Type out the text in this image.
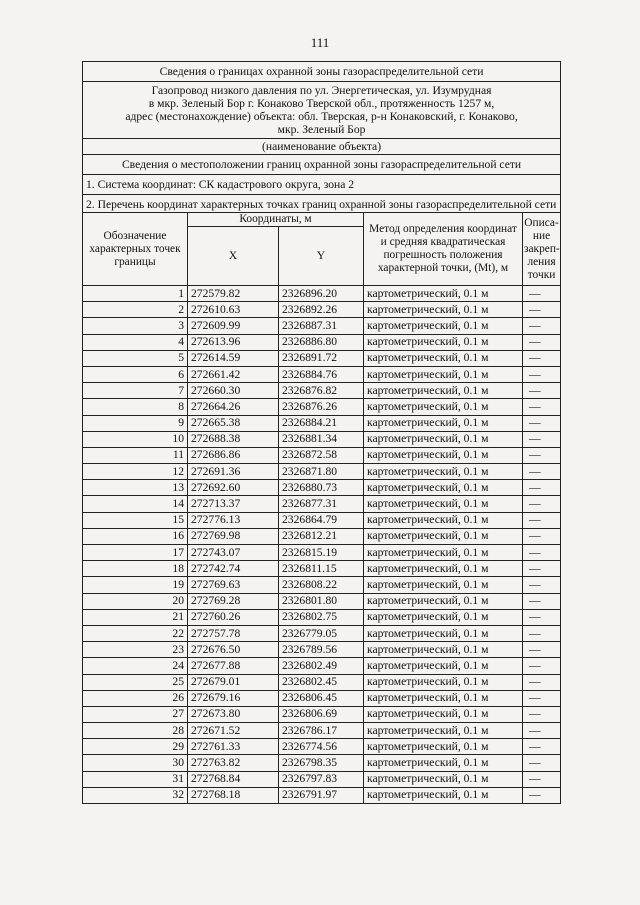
111
Сведения о границах охранной зоны газораспределительной сети				

Газопровод низкого давления по ул. Энергетическая, ул. Изумрудная
в мкр. Зеленый Бор г. Конаково Тверской обл., протяженность 1257 м,
адрес (местонахождение) объекта: обл. Тверская, р-н Конаковский, г. Конаково,
мкр. Зеленый Бор				

(наименование объекта)				
Сведения о местоположении границ охранной зоны газораспределительной сети				
1. Система координат: СК кадастрового округа, зона 2				
2. Перечень координат характерных точках границ охранной зоны газораспределительной сети				
Обозначение характерных точек границы	Координаты, м		Метод определения координат и средняя квадратическая погрешность положения характерной точки, (Mt), м	Описа- ние закреп- ления точки
	X	Y		
1	272579.82	2326896.20	картометрический, 0.1 м	—
2	272610.63	2326892.26	картометрический, 0.1 м	—
3	272609.99	2326887.31	картометрический, 0.1 м	—
4	272613.96	2326886.80	картометрический, 0.1 м	—
5	272614.59	2326891.72	картометрический, 0.1 м	—
6	272661.42	2326884.76	картометрический, 0.1 м	—
7	272660.30	2326876.82	картометрический, 0.1 м	—
8	272664.26	2326876.26	картометрический, 0.1 м	—
9	272665.38	2326884.21	картометрический, 0.1 м	—
10	272688.38	2326881.34	картометрический, 0.1 м	—
11	272686.86	2326872.58	картометрический, 0.1 м	—
12	272691.36	2326871.80	картометрический, 0.1 м	—
13	272692.60	2326880.73	картометрический, 0.1 м	—
14	272713.37	2326877.31	картометрический, 0.1 м	—
15	272776.13	2326864.79	картометрический, 0.1 м	—
16	272769.98	2326812.21	картометрический, 0.1 м	—
17	272743.07	2326815.19	картометрический, 0.1 м	—
18	272742.74	2326811.15	картометрический, 0.1 м	—
19	272769.63	2326808.22	картометрический, 0.1 м	—
20	272769.28	2326801.80	картометрический, 0.1 м	—
21	272760.26	2326802.75	картометрический, 0.1 м	—
22	272757.78	2326779.05	картометрический, 0.1 м	—
23	272676.50	2326789.56	картометрический, 0.1 м	—
24	272677.88	2326802.49	картометрический, 0.1 м	—
25	272679.01	2326802.45	картометрический, 0.1 м	—
26	272679.16	2326806.45	картометрический, 0.1 м	—
27	272673.80	2326806.69	картометрический, 0.1 м	—
28	272671.52	2326786.17	картометрический, 0.1 м	—
29	272761.33	2326774.56	картометрический, 0.1 м	—
30	272763.82	2326798.35	картометрический, 0.1 м	—
31	272768.84	2326797.83	картометрический, 0.1 м	—
32	272768.18	2326791.97	картометрический, 0.1 м	—
